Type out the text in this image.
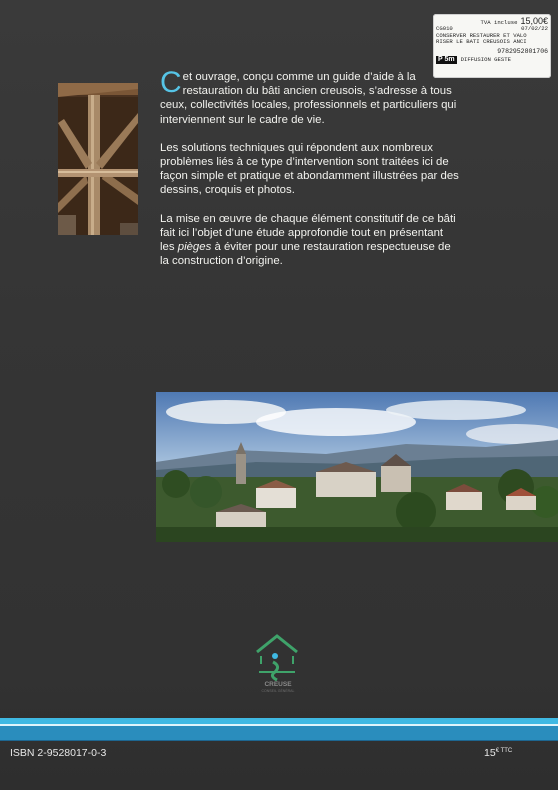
TVA incluse 15,00€
CG010	07/02/22
CONSERVER RESTAURER ET VALO
RISER LE BATI CREUSOIS ANCI
9782952801706
P 5m	DIFFUSION GESTE

Cet ouvrage, conçu comme un guide d’aide à la restauration du bâti ancien creusois, s’adresse à tous ceux, collectivités locales, professionnels et particuliers qui interviennent sur le cadre de vie.

Les solutions techniques qui répondent aux nombreux problèmes liés à ce type d’intervention sont traitées ici de façon simple et pratique et abondamment illustrées par des dessins, croquis et photos.

La mise en œuvre de chaque élément constitutif de ce bâti fait ici l’objet d’une étude approfondie tout en présentant les pièges à éviter pour une restauration respectueuse de la construction d’origine.

CREUSE
CONSEIL GÉNÉRAL
ISBN 2-9528017-0-3	$15^{€ TTC}$
